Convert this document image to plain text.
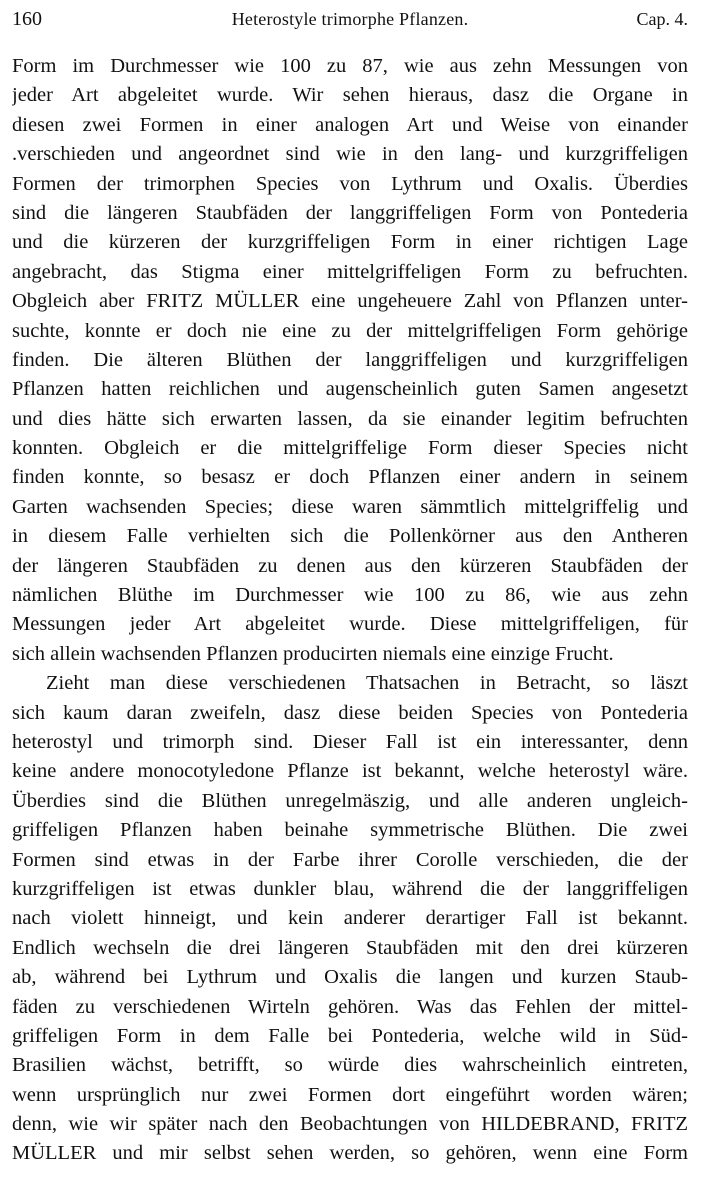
160	Heterostyle trimorphe Pflanzen.	Cap. 4.
Form im Durchmesser wie 100 zu 87, wie aus zehn Messungen von
jeder Art abgeleitet wurde. Wir sehen hieraus, dasz die Organe in
diesen zwei Formen in einer analogen Art und Weise von einander
.verschieden und angeordnet sind wie in den lang- und kurzgriffeligen
Formen der trimorphen Species von Lythrum und Oxalis. Überdies
sind die längeren Staubfäden der langgriffeligen Form von Pontederia
und die kürzeren der kurzgriffeligen Form in einer richtigen Lage
angebracht, das Stigma einer mittelgriffeligen Form zu befruchten.
Obgleich aber FRITZ MÜLLER eine ungeheuere Zahl von Pflanzen unter-
suchte, konnte er doch nie eine zu der mittelgriffeligen Form gehörige
finden. Die älteren Blüthen der langgriffeligen und kurzgriffeligen
Pflanzen hatten reichlichen und augenscheinlich guten Samen angesetzt
und dies hätte sich erwarten lassen, da sie einander legitim befruchten
konnten. Obgleich er die mittelgriffelige Form dieser Species nicht
finden konnte, so besasz er doch Pflanzen einer andern in seinem
Garten wachsenden Species; diese waren sämmtlich mittelgriffelig und
in diesem Falle verhielten sich die Pollenkörner aus den Antheren
der längeren Staubfäden zu denen aus den kürzeren Staubfäden der
nämlichen Blüthe im Durchmesser wie 100 zu 86, wie aus zehn
Messungen jeder Art abgeleitet wurde. Diese mittelgriffeligen, für
sich allein wachsenden Pflanzen producirten niemals eine einzige Frucht.
Zieht man diese verschiedenen Thatsachen in Betracht, so läszt
sich kaum daran zweifeln, dasz diese beiden Species von Pontederia
heterostyl und trimorph sind. Dieser Fall ist ein interessanter, denn
keine andere monocotyledone Pflanze ist bekannt, welche heterostyl wäre.
Überdies sind die Blüthen unregelmäszig, und alle anderen ungleich-
griffeligen Pflanzen haben beinahe symmetrische Blüthen. Die zwei
Formen sind etwas in der Farbe ihrer Corolle verschieden, die der
kurzgriffeligen ist etwas dunkler blau, während die der langgriffeligen
nach violett hinneigt, und kein anderer derartiger Fall ist bekannt.
Endlich wechseln die drei längeren Staubfäden mit den drei kürzeren
ab, während bei Lythrum und Oxalis die langen und kurzen Staub-
fäden zu verschiedenen Wirteln gehören. Was das Fehlen der mittel-
griffeligen Form in dem Falle bei Pontederia, welche wild in Süd-
Brasilien wächst, betrifft, so würde dies wahrscheinlich eintreten,
wenn ursprünglich nur zwei Formen dort eingeführt worden wären;
denn, wie wir später nach den Beobachtungen von HILDEBRAND, FRITZ
MÜLLER und mir selbst sehen werden, so gehören, wenn eine Form
